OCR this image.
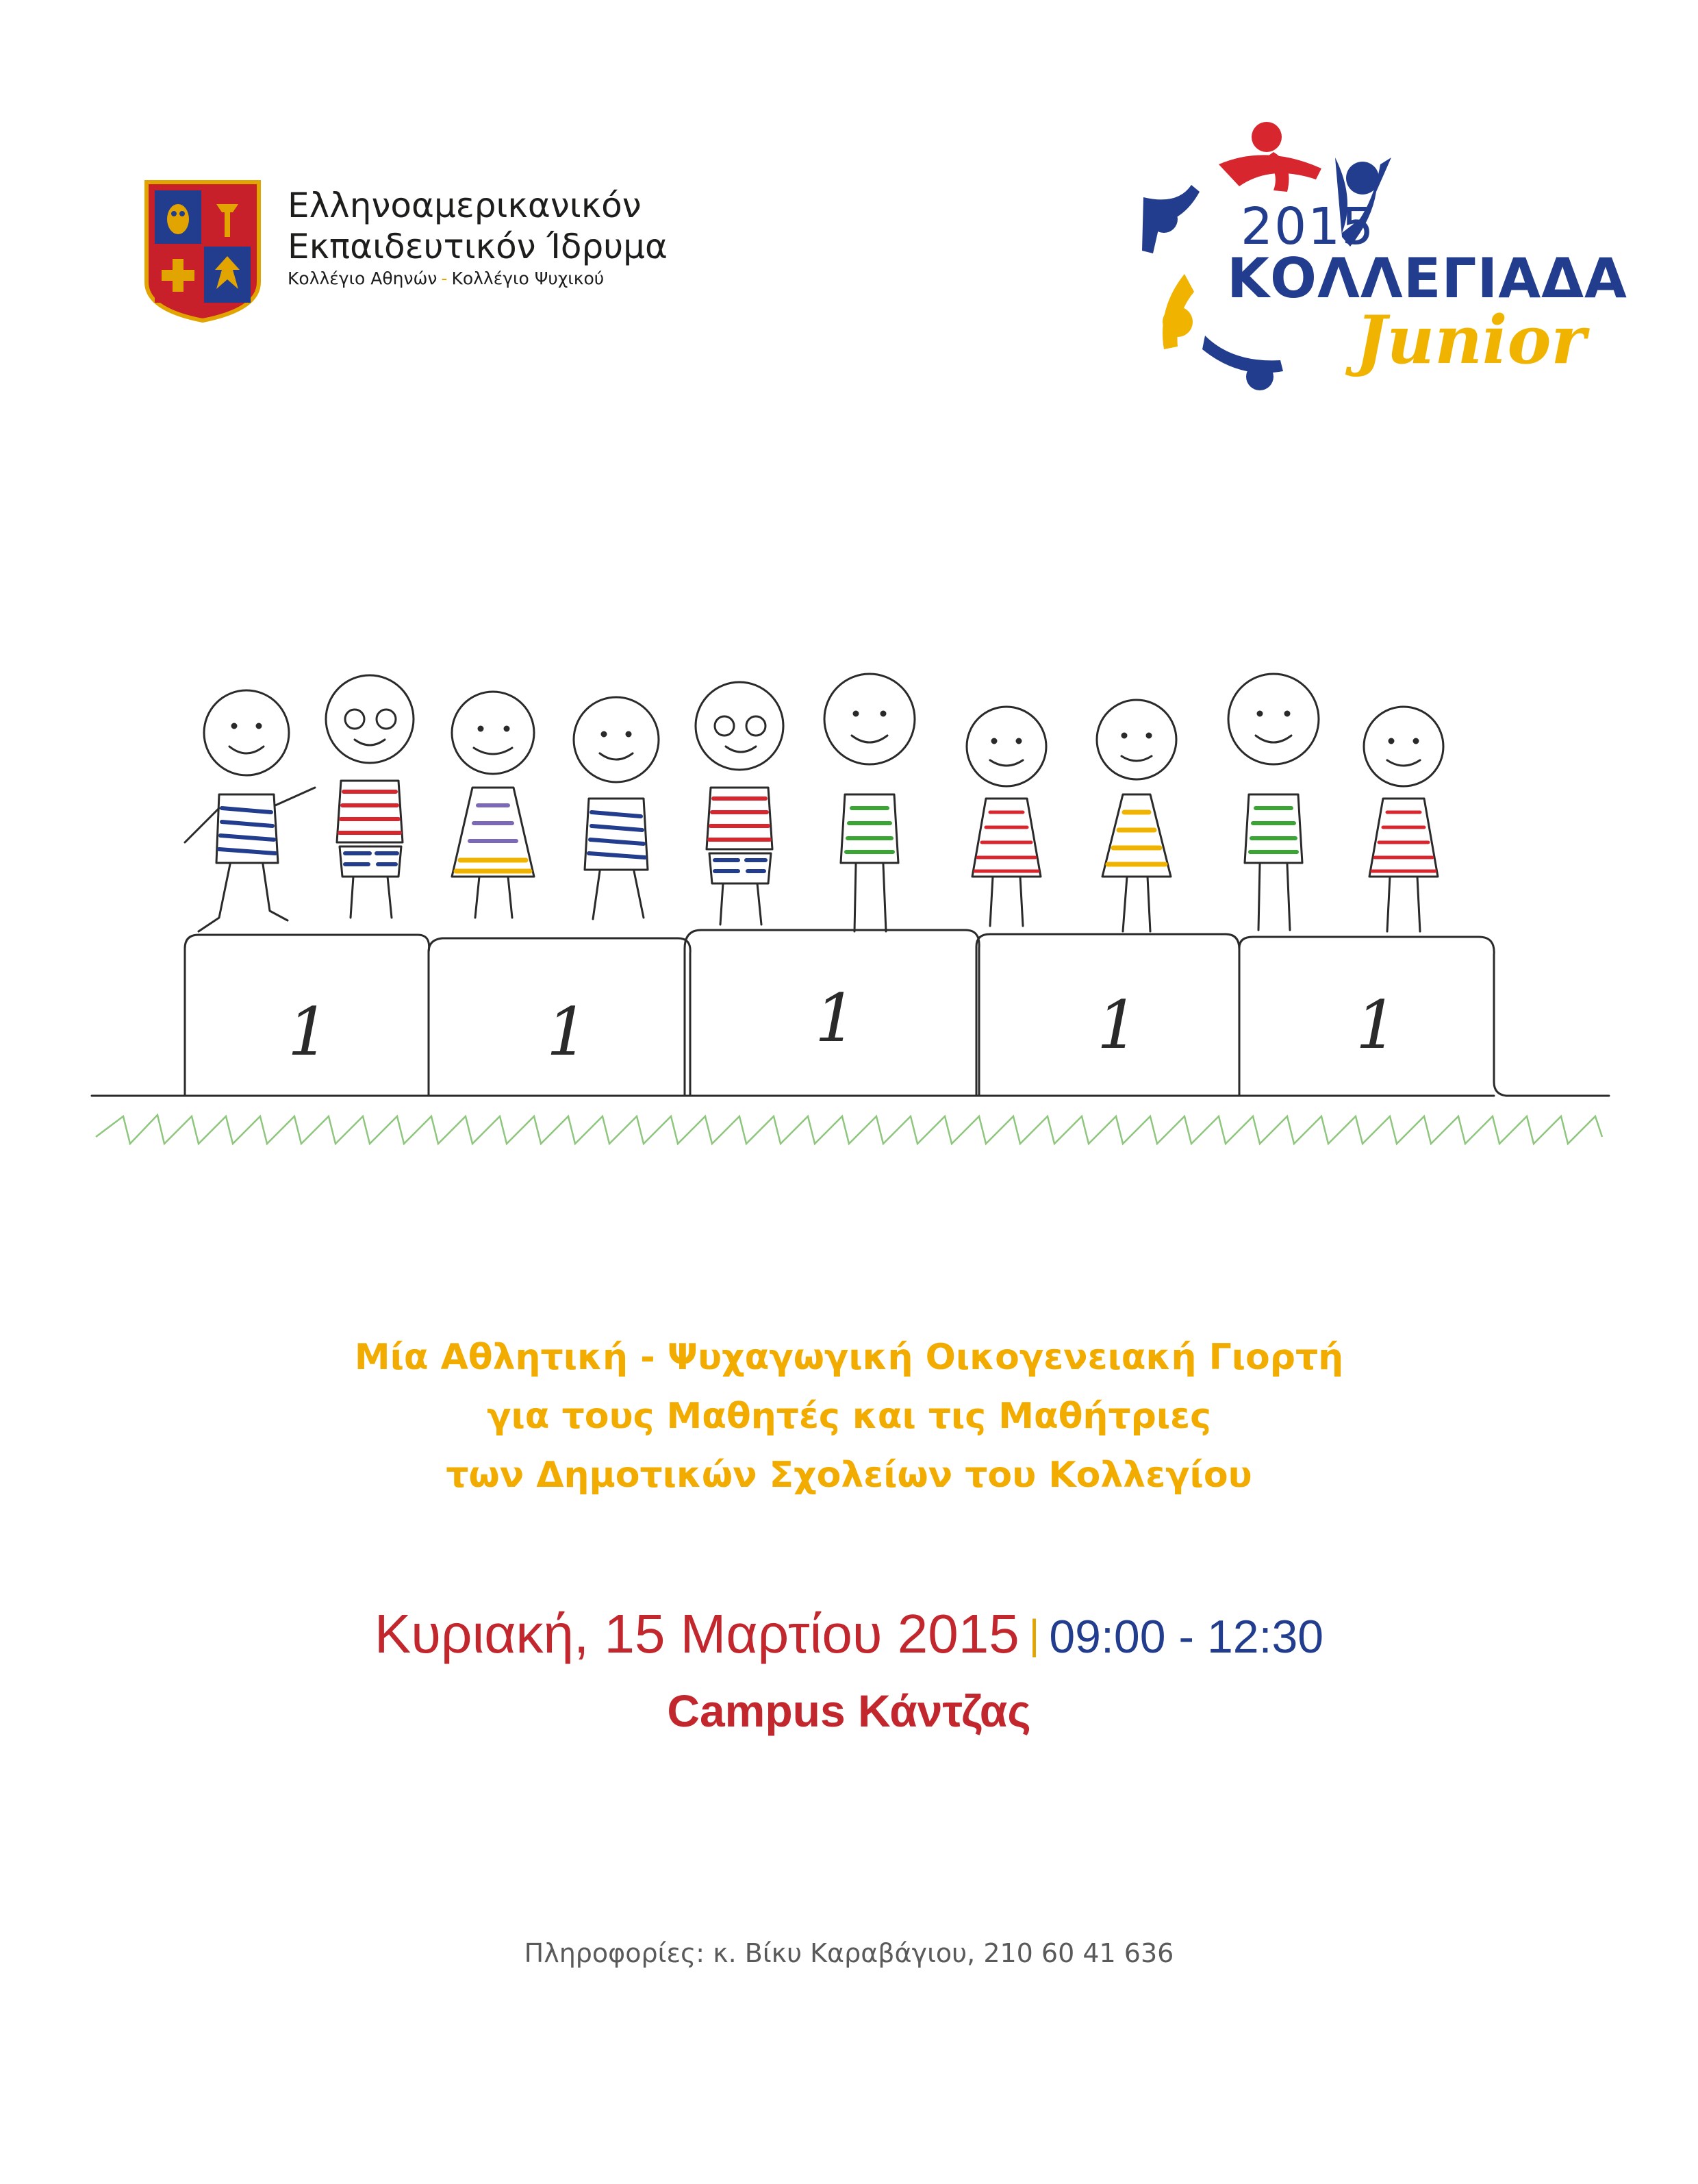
Ελληνοαμερικανικόν
Εκπαιδευτικόν Ίδρυμα
Κολλέγιο Αθηνών - Κολλέγιο Ψυχικού
2015
ΚΟΛΛΕΓΙΑΔΑ
Junior
1	1	1	1	1
Μία Αθλητική - Ψυχαγωγική Οικογενειακή Γιορτή
για τους Μαθητές και τις Μαθήτριες
των Δημοτικών Σχολείων του Κολλεγίου
Κυριακή, 15 Μαρτίου 2015 | 09:00 - 12:30
Campus Κάντζας
Πληροφορίες: κ. Βίκυ Καραβάγιου, 210 60 41 636
